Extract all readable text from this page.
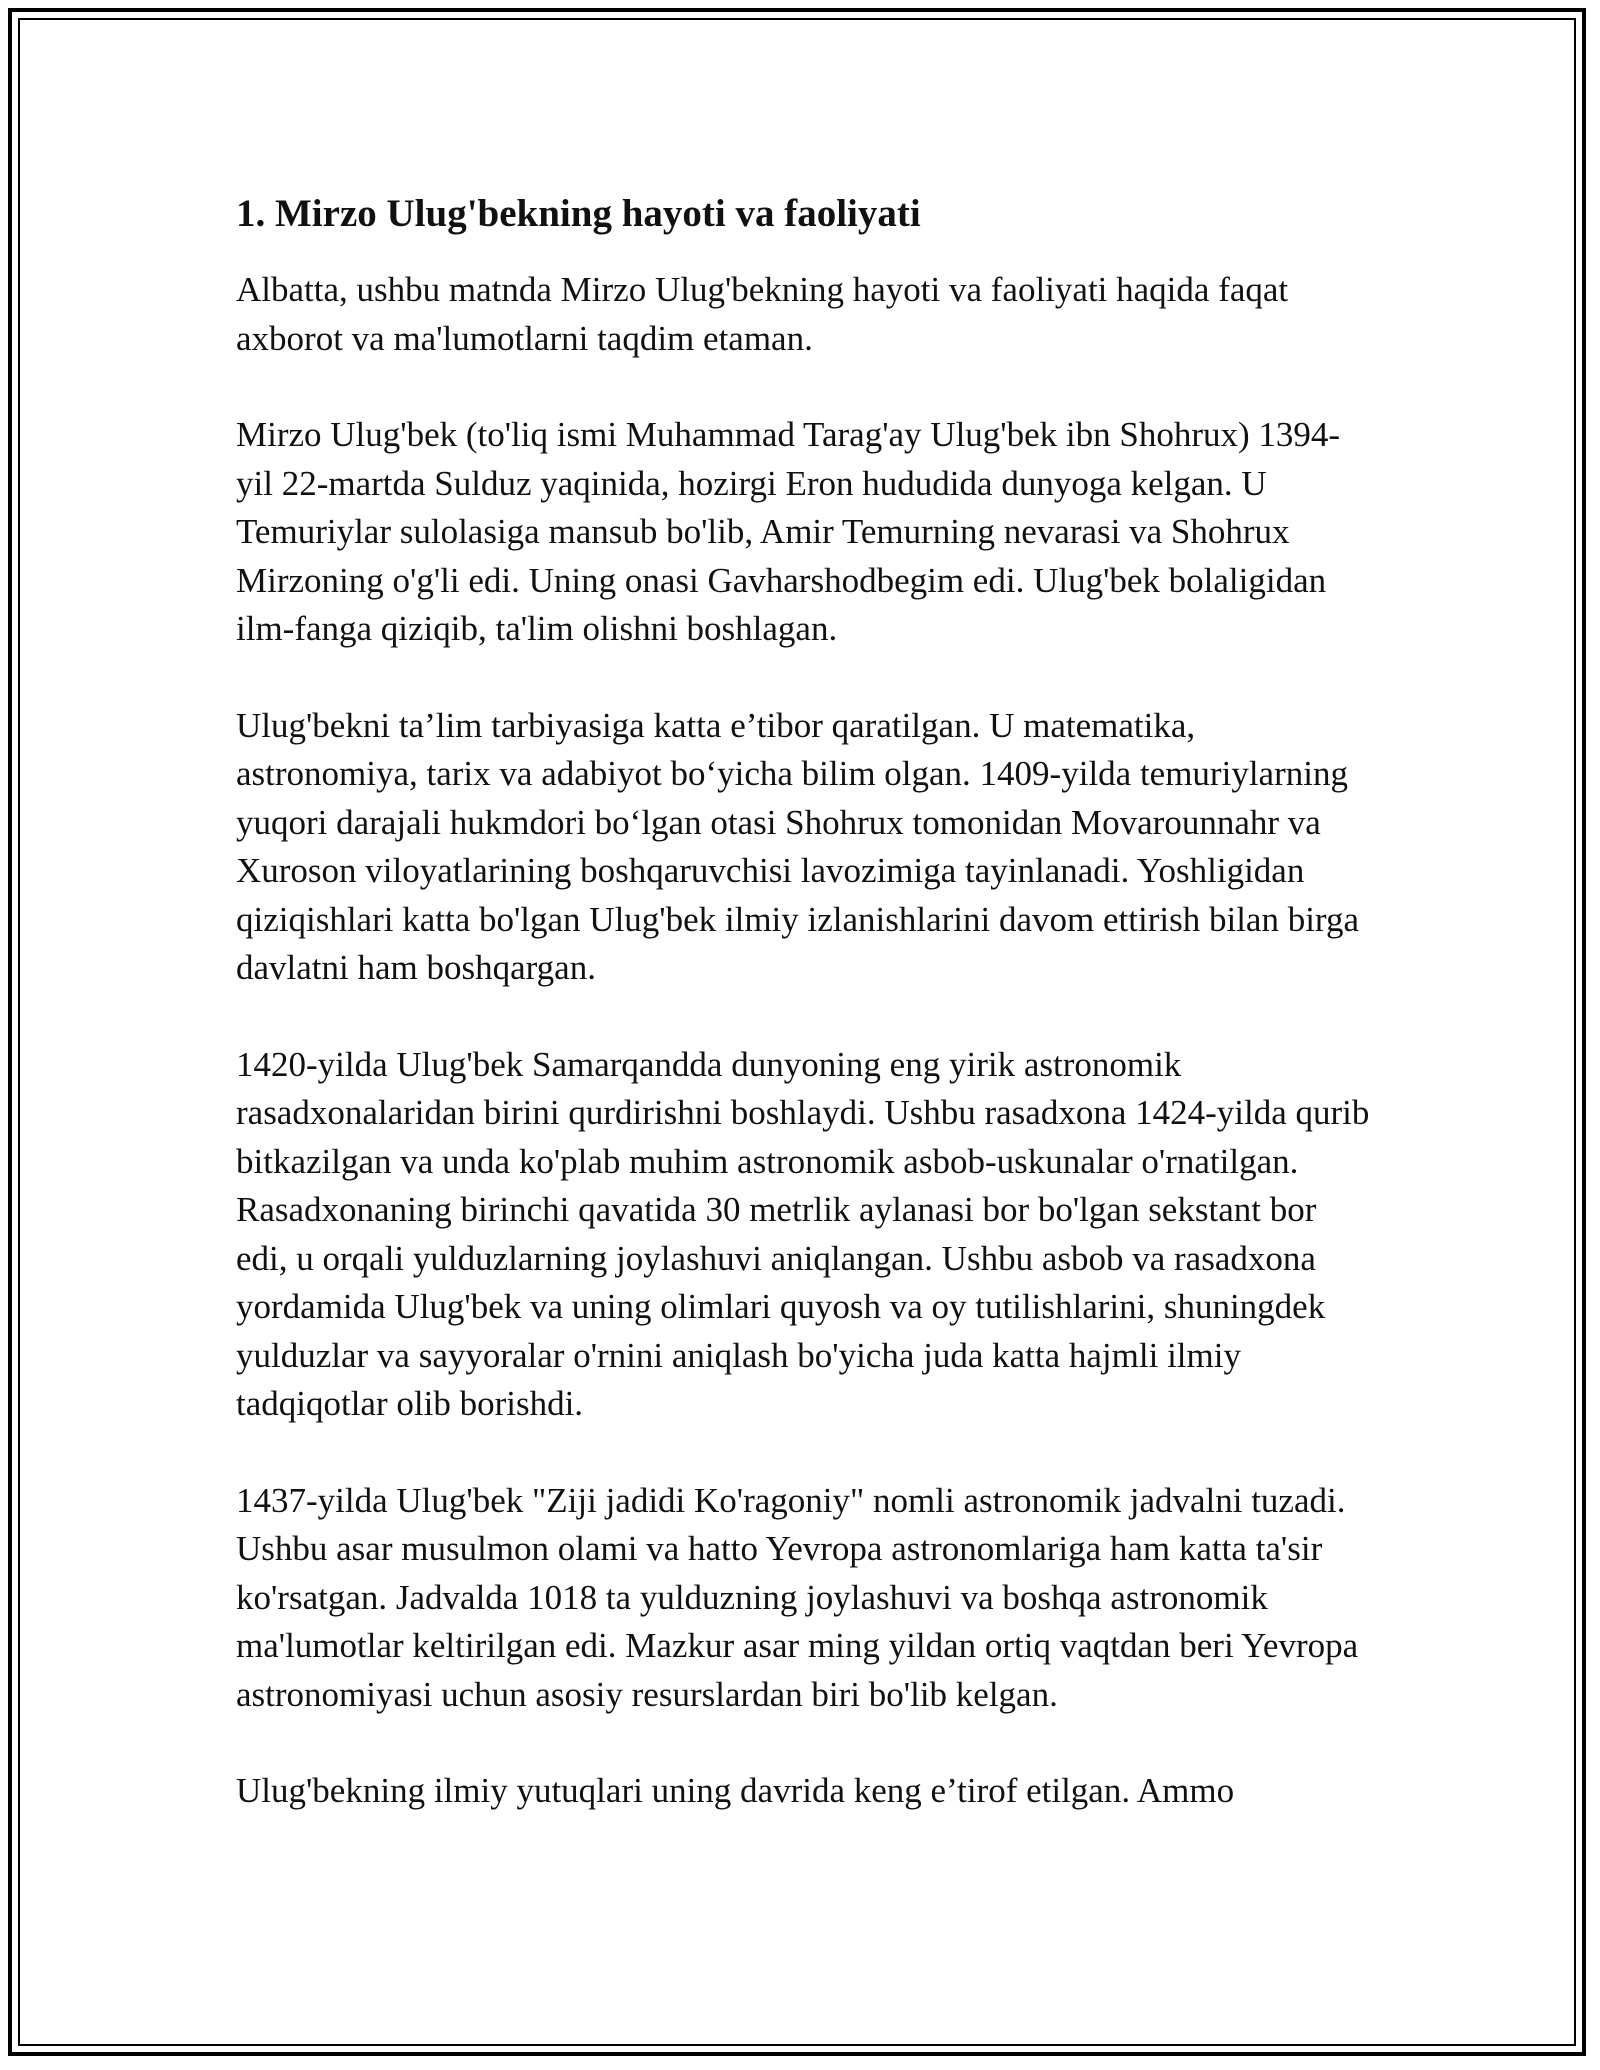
1. Mirzo Ulug'bekning hayoti va faoliyati

Albatta, ushbu matnda Mirzo Ulug'bekning hayoti va faoliyati haqida faqat axborot va ma'lumotlarni taqdim etaman.

Mirzo Ulug'bek (to'liq ismi Muhammad Tarag'ay Ulug'bek ibn Shohrux) 1394-yil 22-martda Sulduz yaqinida, hozirgi Eron hududida dunyoga kelgan. U Temuriylar sulolasiga mansub bo'lib, Amir Temurning nevarasi va Shohrux Mirzoning o'g'li edi. Uning onasi Gavharshodbegim edi. Ulug'bek bolaligidan ilm-fanga qiziqib, ta'lim olishni boshlagan.

Ulug'bekni ta’lim tarbiyasiga katta e’tibor qaratilgan. U matematika, astronomiya, tarix va adabiyot bo‘yicha bilim olgan. 1409-yilda temuriylarning yuqori darajali hukmdori bo‘lgan otasi Shohrux tomonidan Movarounnahr va Xuroson viloyatlarining boshqaruvchisi lavozimiga tayinlanadi. Yoshligidan qiziqishlari katta bo'lgan Ulug'bek ilmiy izlanishlarini davom ettirish bilan birga davlatni ham boshqargan.

1420-yilda Ulug'bek Samarqandda dunyoning eng yirik astronomik rasadxonalaridan birini qurdirishni boshlaydi. Ushbu rasadxona 1424-yilda qurib bitkazilgan va unda ko'plab muhim astronomik asbob-uskunalar o'rnatilgan. Rasadxonaning birinchi qavatida 30 metrlik aylanasi bor bo'lgan sekstant bor edi, u orqali yulduzlarning joylashuvi aniqlangan. Ushbu asbob va rasadxona yordamida Ulug'bek va uning olimlari quyosh va oy tutilishlarini, shuningdek yulduzlar va sayyoralar o'rnini aniqlash bo'yicha juda katta hajmli ilmiy tadqiqotlar olib borishdi.

1437-yilda Ulug'bek "Ziji jadidi Ko'ragoniy" nomli astronomik jadvalni tuzadi. Ushbu asar musulmon olami va hatto Yevropa astronomlariga ham katta ta'sir ko'rsatgan. Jadvalda 1018 ta yulduzning joylashuvi va boshqa astronomik ma'lumotlar keltirilgan edi. Mazkur asar ming yildan ortiq vaqtdan beri Yevropa astronomiyasi uchun asosiy resurslardan biri bo'lib kelgan.

Ulug'bekning ilmiy yutuqlari uning davrida keng e’tirof etilgan. Ammo
